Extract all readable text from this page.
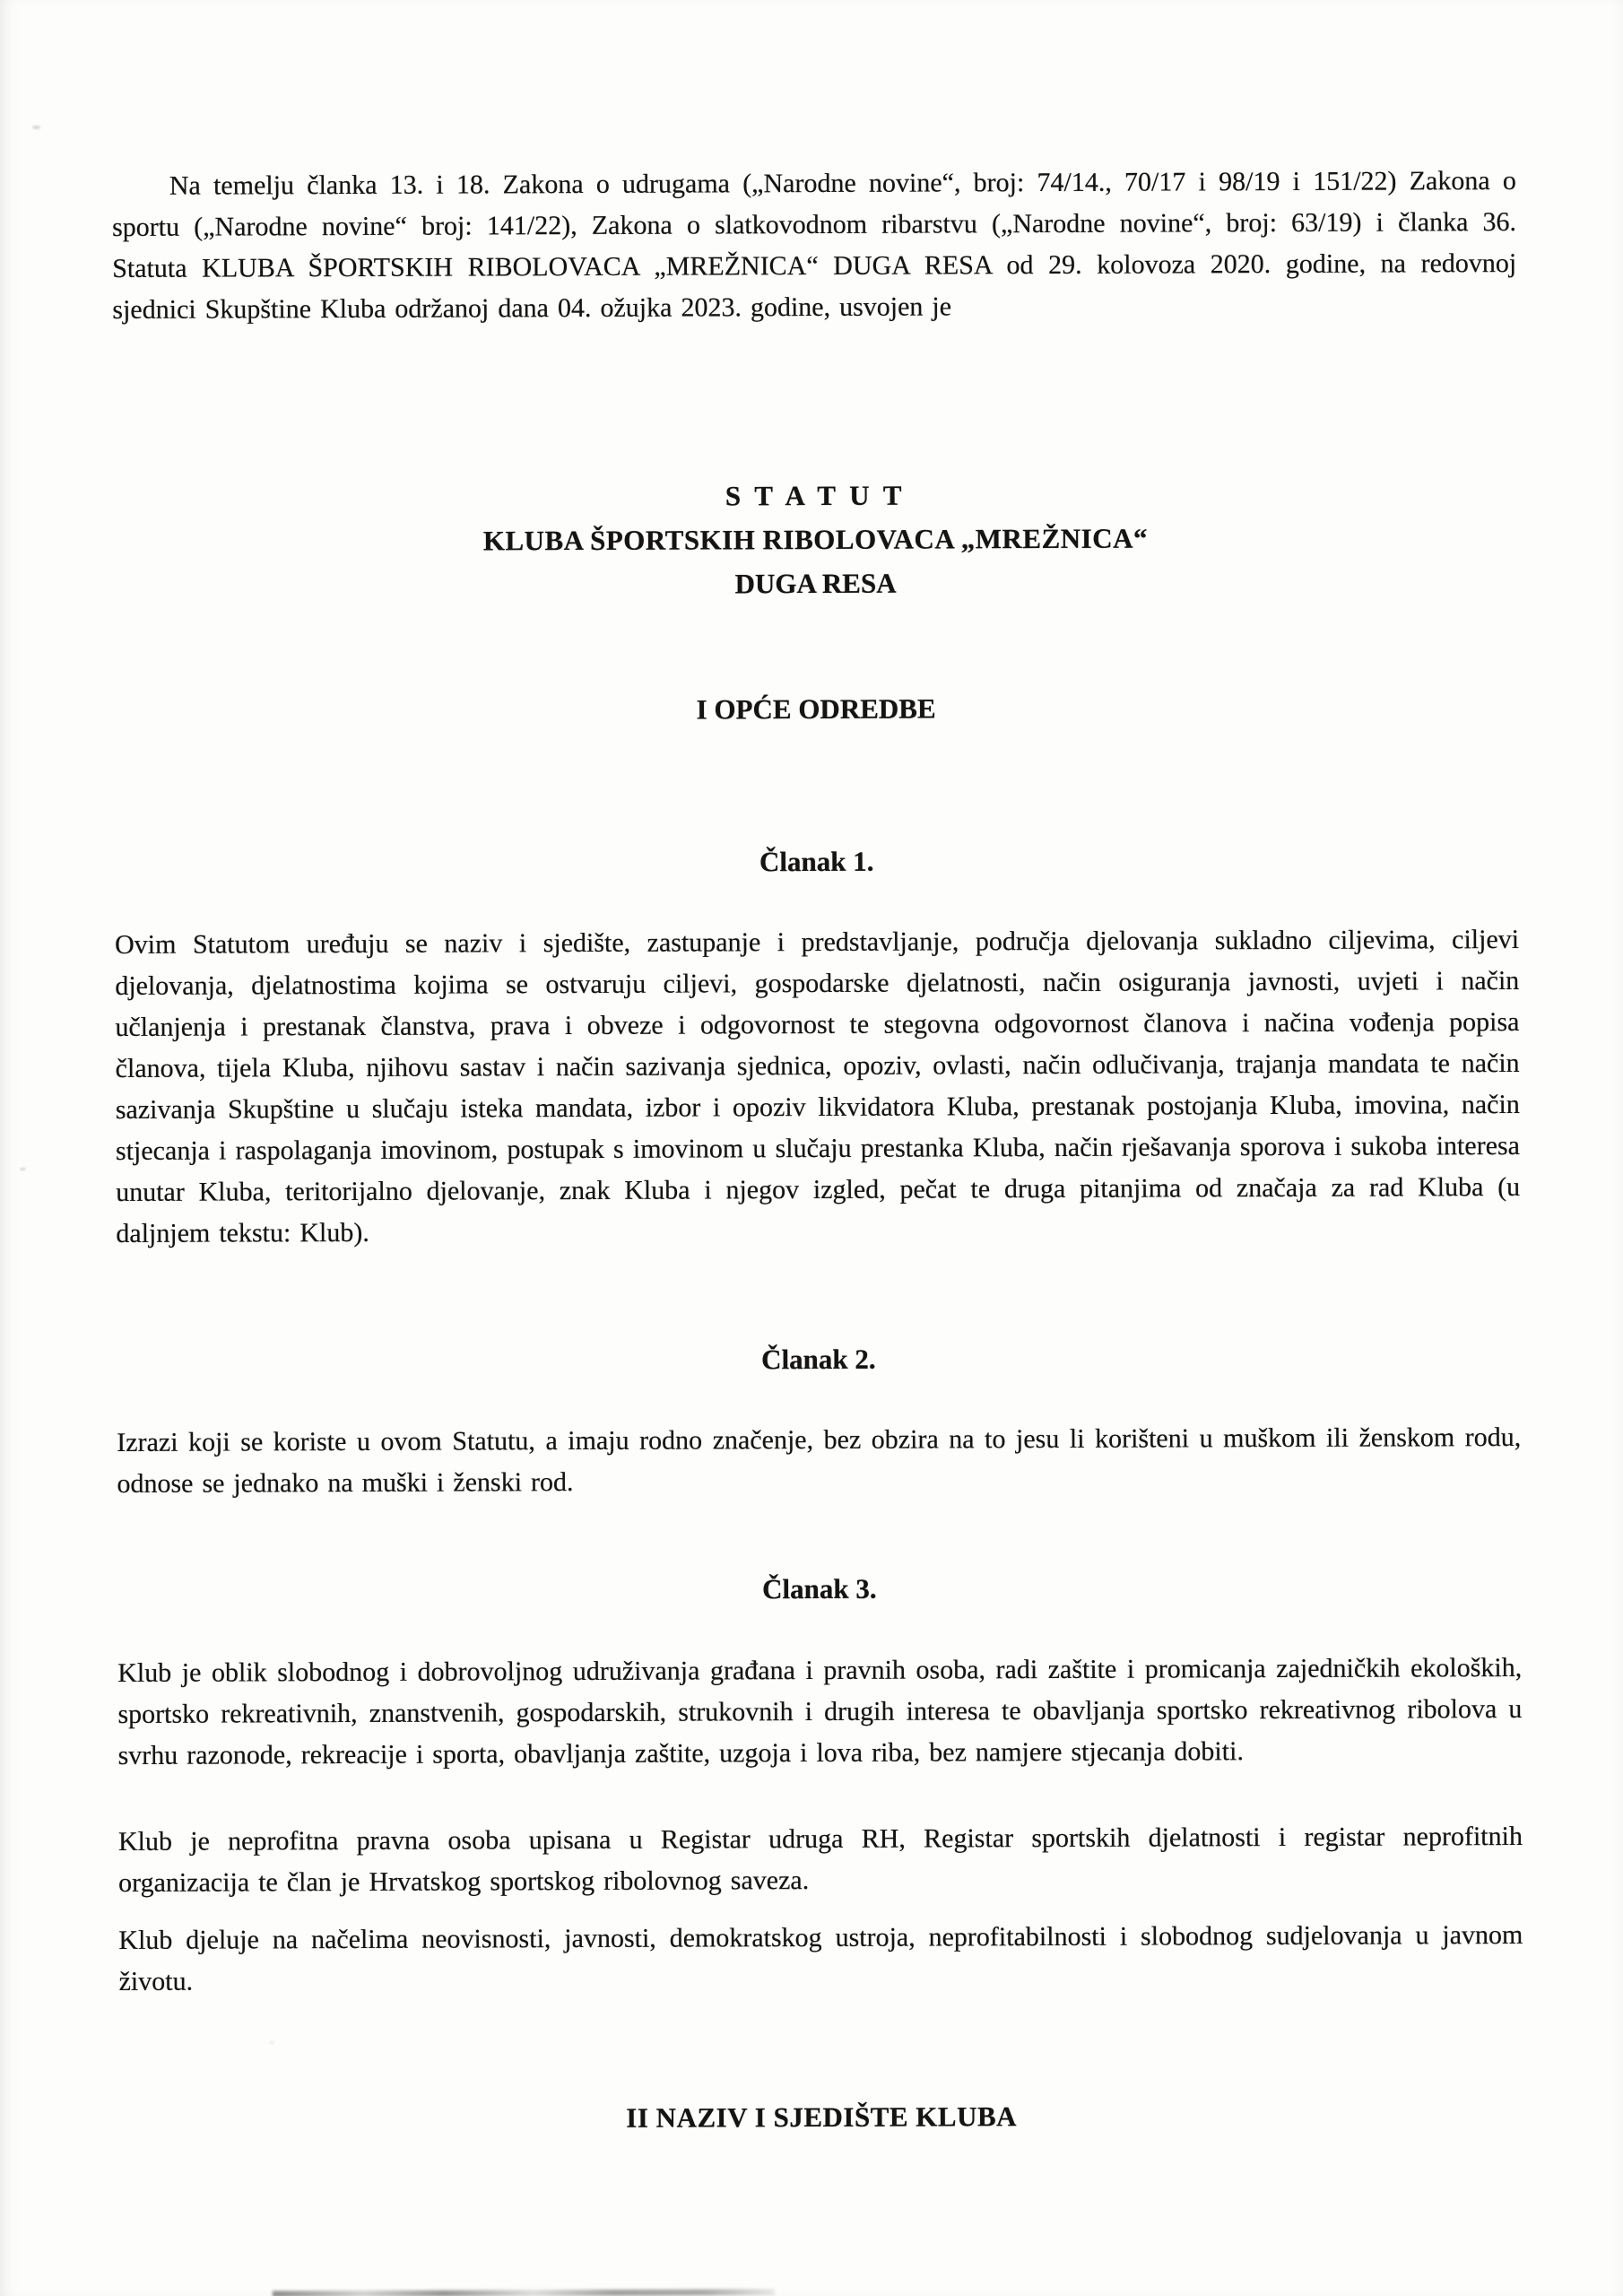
Na temelju članka 13. i 18. Zakona o udrugama („Narodne novine“, broj: 74/14., 70/17 i 98/19 i 151/22) Zakona o sportu („Narodne novine“ broj: 141/22), Zakona o slatkovodnom ribarstvu („Narodne novine“, broj: 63/19) i članka 36. Statuta KLUBA ŠPORTSKIH RIBOLOVACA „MREŽNICA“ DUGA RESA od 29. kolovoza 2020. godine, na redovnoj sjednici Skupštine Kluba održanoj dana 04. ožujka 2023. godine, usvojen je

S T A T U T
KLUBA ŠPORTSKIH RIBOLOVACA „MREŽNICA“
DUGA RESA
I OPĆE ODREDBE
Članak 1.

Ovim Statutom uređuju se naziv i sjedište, zastupanje i predstavljanje, područja djelovanja sukladno ciljevima, ciljevi djelovanja, djelatnostima kojima se ostvaruju ciljevi, gospodarske djelatnosti, način osiguranja javnosti, uvjeti i način učlanjenja i prestanak članstva, prava i obveze i odgovornost te stegovna odgovornost članova i načina vođenja popisa članova, tijela Kluba, njihovu sastav i način sazivanja sjednica, opoziv, ovlasti, način odlučivanja, trajanja mandata te način sazivanja Skupštine u slučaju isteka mandata, izbor i opoziv likvidatora Kluba, prestanak postojanja Kluba, imovina, način stjecanja i raspolaganja imovinom, postupak s imovinom u slučaju prestanka Kluba, način rješavanja sporova i sukoba interesa unutar Kluba, teritorijalno djelovanje, znak Kluba i njegov izgled, pečat te druga pitanjima od značaja za rad Kluba (u daljnjem tekstu: Klub).

Članak 2.

Izrazi koji se koriste u ovom Statutu, a imaju rodno značenje, bez obzira na to jesu li korišteni u muškom ili ženskom rodu, odnose se jednako na muški i ženski rod.

Članak 3.

Klub je oblik slobodnog i dobrovoljnog udruživanja građana i pravnih osoba, radi zaštite i promicanja zajedničkih ekoloških, sportsko rekreativnih, znanstvenih, gospodarskih, strukovnih i drugih interesa te obavljanja sportsko rekreativnog ribolova u svrhu razonode, rekreacije i sporta, obavljanja zaštite, uzgoja i lova riba, bez namjere stjecanja dobiti.

Klub je neprofitna pravna osoba upisana u Registar udruga RH, Registar sportskih djelatnosti i registar neprofitnih organizacija te član je Hrvatskog sportskog ribolovnog saveza.

Klub djeluje na načelima neovisnosti, javnosti, demokratskog ustroja, neprofitabilnosti i slobodnog sudjelovanja u javnom životu.

II NAZIV I SJEDIŠTE KLUBA
